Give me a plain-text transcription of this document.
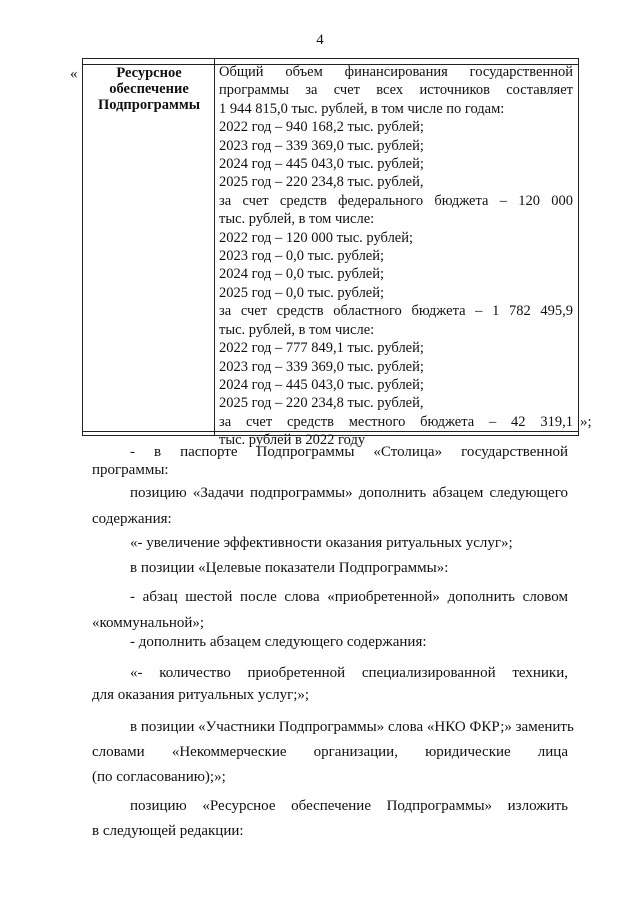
4
«	Ресурсное
обеспечение
Подпрограммы
Общий объем финансирования государственной
программы за счет всех источников составляет
1 944 815,0 тыс. рублей, в том числе по годам:
2022 год – 940 168,2 тыс. рублей;
2023 год – 339 369,0 тыс. рублей;
2024 год – 445 043,0 тыс. рублей;
2025 год – 220 234,8 тыс. рублей,
за счет средств федерального бюджета – 120 000
тыс. рублей, в том числе:
2022 год – 120 000 тыс. рублей;
2023 год – 0,0 тыс. рублей;
2024 год – 0,0 тыс. рублей;
2025 год – 0,0 тыс. рублей;
за счет средств областного бюджета – 1 782 495,9
тыс. рублей, в том числе:
2022 год – 777 849,1 тыс. рублей;
2023 год – 339 369,0 тыс. рублей;
2024 год – 445 043,0 тыс. рублей;
2025 год – 220 234,8 тыс. рублей,
за счет средств местного бюджета – 42 319,1
тыс. рублей в 2022 году
»;
- в паспорте Подпрограммы «Столица» государственной
программы:
позицию «Задачи подпрограммы» дополнить абзацем следующего
содержания:
«- увеличение эффективности оказания ритуальных услуг»;
в позиции «Целевые показатели Подпрограммы»:
- абзац шестой после слова «приобретенной» дополнить словом
«коммунальной»;
- дополнить абзацем следующего содержания:
«- количество приобретенной специализированной техники,
для оказания ритуальных услуг;»;
в позиции «Участники Подпрограммы» слова «НКО ФКР;» заменить
словами «Некоммерческие организации, юридические лица
(по согласованию);»;
позицию «Ресурсное обеспечение Подпрограммы» изложить
в следующей редакции:
